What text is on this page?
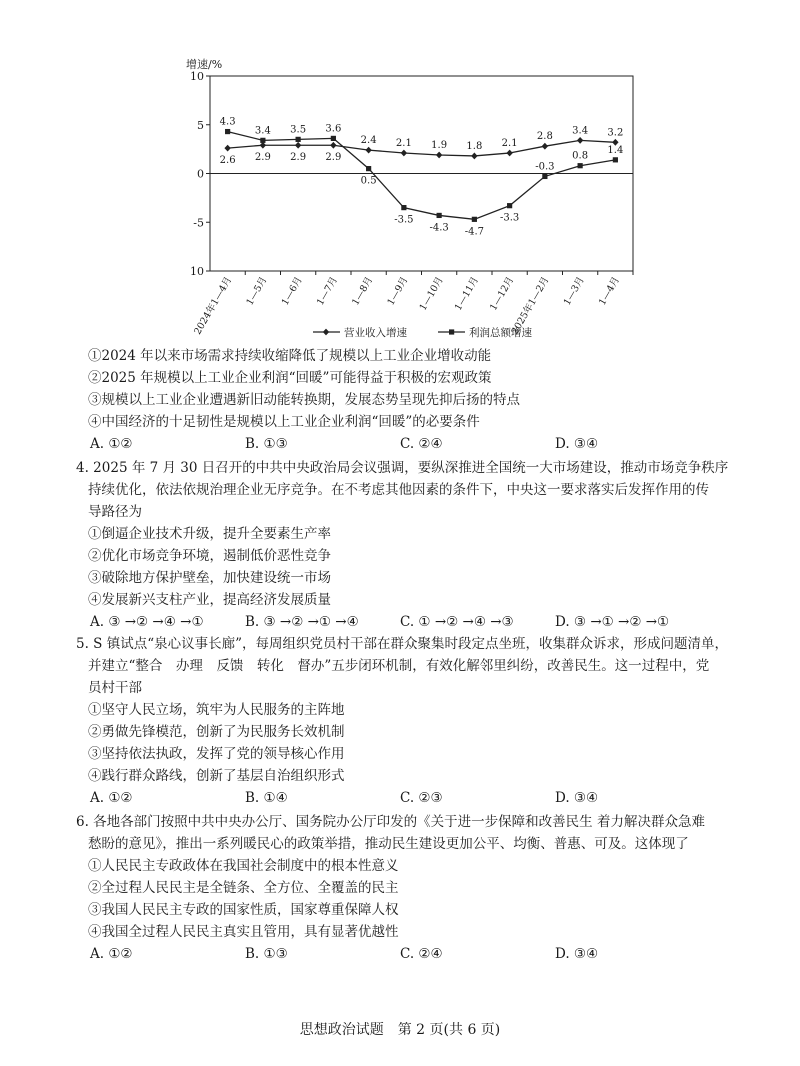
增速/%
10
5
0
-5
10
2024年1—4月 1—5月 1—6月 1—7月 1—8月 1—9月 1—10月 1—11月 1—12月
2025年1—2月 1—3月 1—4月
2.6 2.9 2.9 2.9
2.4 2.1 1.9 1.8 2.1
2.8
3.4 3.2
4.3
3.4 3.5 3.6
0.5
-3.5
-4.3 -4.7
-3.3
-0.3
0.8
1.4
营业收入增速	利润总额增速
①2024 年以来市场需求持续收缩降低了规模以上工业企业增收动能
②2025 年规模以上工业企业利润“回暖”可能得益于积极的宏观政策
③规模以上工业企业遭遇新旧动能转换期，发展态势呈现先抑后扬的特点
④中国经济的十足韧性是规模以上工业企业利润“回暖”的必要条件
A. ①②	B. ①③	C. ②④	D. ③④
4. 2025 年 7 月 30 日召开的中共中央政治局会议强调，要纵深推进全国统一大市场建设，推动市场竞争秩序
持续优化，依法依规治理企业无序竞争。在不考虑其他因素的条件下，中央这一要求落实后发挥作用的传
导路径为
①倒逼企业技术升级，提升全要素生产率
②优化市场竞争环境，遏制低价恶性竞争
③破除地方保护壁垒，加快建设统一市场
④发展新兴支柱产业，提高经济发展质量
A. ③ →② →④ →①	B. ③ →② →① →④	C. ① →② →④ →③	D. ③ →① →② →①
5. S 镇试点“泉心议事长廊”，每周组织党员村干部在群众聚集时段定点坐班，收集群众诉求，形成问题清单，
并建立“整合　办理　反馈　转化　督办”五步闭环机制，有效化解邻里纠纷，改善民生。这一过程中，党
员村干部
①坚守人民立场，筑牢为人民服务的主阵地
②勇做先锋模范，创新了为民服务长效机制
③坚持依法执政，发挥了党的领导核心作用
④践行群众路线，创新了基层自治组织形式
A. ①②	B. ①④	C. ②③	D. ③④
6. 各地各部门按照中共中央办公厅、国务院办公厅印发的《关于进一步保障和改善民生 着力解决群众急难
愁盼的意见》，推出一系列暖民心的政策举措，推动民生建设更加公平、均衡、普惠、可及。这体现了
①人民民主专政政体在我国社会制度中的根本性意义
②全过程人民民主是全链条、全方位、全覆盖的民主
③我国人民民主专政的国家性质，国家尊重保障人权
④我国全过程人民民主真实且管用，具有显著优越性
A. ①②	B. ①③	C. ②④	D. ③④
思想政治试题　第 2 页(共 6 页)
